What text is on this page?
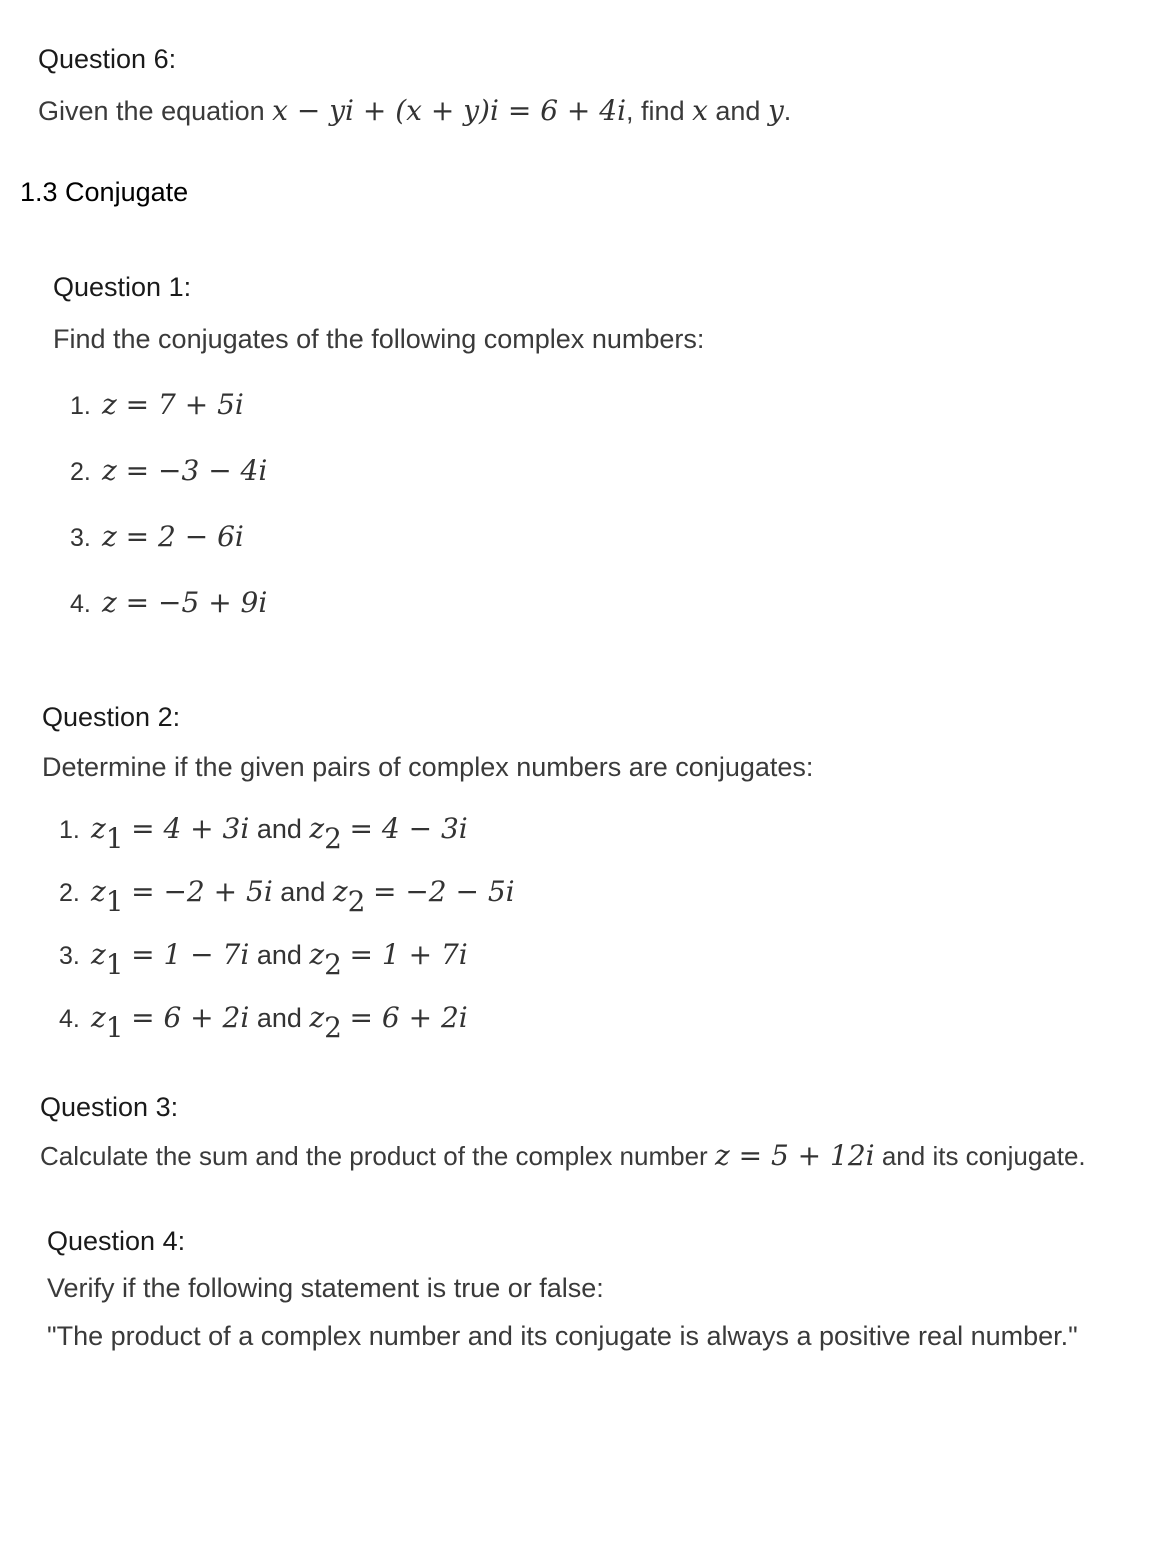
Question 6:
Given the equation x − yi + (x + y)i = 6 + 4i, find x and y.
1.3 Conjugate
Question 1:
Find the conjugates of the following complex numbers:
1. z = 7 + 5i
2. z = −3 − 4i
3. z = 2 − 6i
4. z = −5 + 9i
Question 2:
Determine if the given pairs of complex numbers are conjugates:
1. $z_1 = 4 + 3i$ and $z_2 = 4 - 3i$
2. $z_1 = -2 + 5i$ and $z_2 = -2 - 5i$
3. $z_1 = 1 - 7i$ and $z_2 = 1 + 7i$
4. $z_1 = 6 + 2i$ and $z_2 = 6 + 2i$
Question 3:
Calculate the sum and the product of the complex number z = 5 + 12i and its conjugate.
Question 4:
Verify if the following statement is true or false:
"The product of a complex number and its conjugate is always a positive real number."
